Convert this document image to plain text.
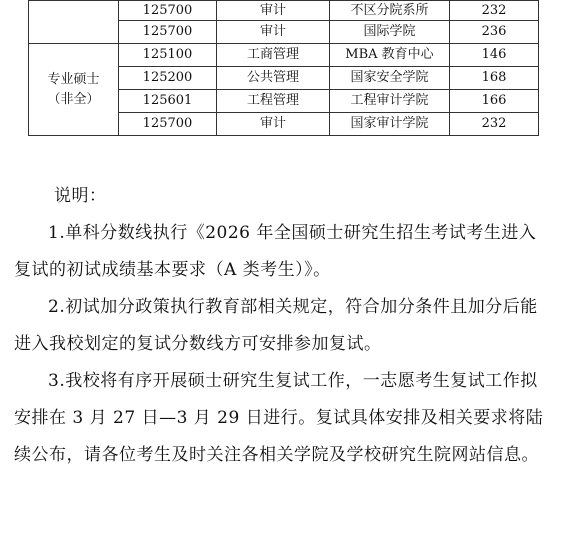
	125700	审计	不区分院系所	232
	125700	审计	国际学院	236

专业硕士
（非全）	125100	工商管理	MBA 教育中心	146
	125200	公共管理	国家安全学院	168
	125601	工程管理	工程审计学院	166
	125700	审计	国家审计学院	232

说明：

1.单科分数线执行《2026 年全国硕士研究生招生考试考生进入复试的初试成绩基本要求（A 类考生）》。

2.初试加分政策执行教育部相关规定，符合加分条件且加分后能进入我校划定的复试分数线方可安排参加复试。

3.我校将有序开展硕士研究生复试工作，一志愿考生复试工作拟安排在 3 月 27 日—3 月 29 日进行。复试具体安排及相关要求将陆续公布，请各位考生及时关注各相关学院及学校研究生院网站信息。
